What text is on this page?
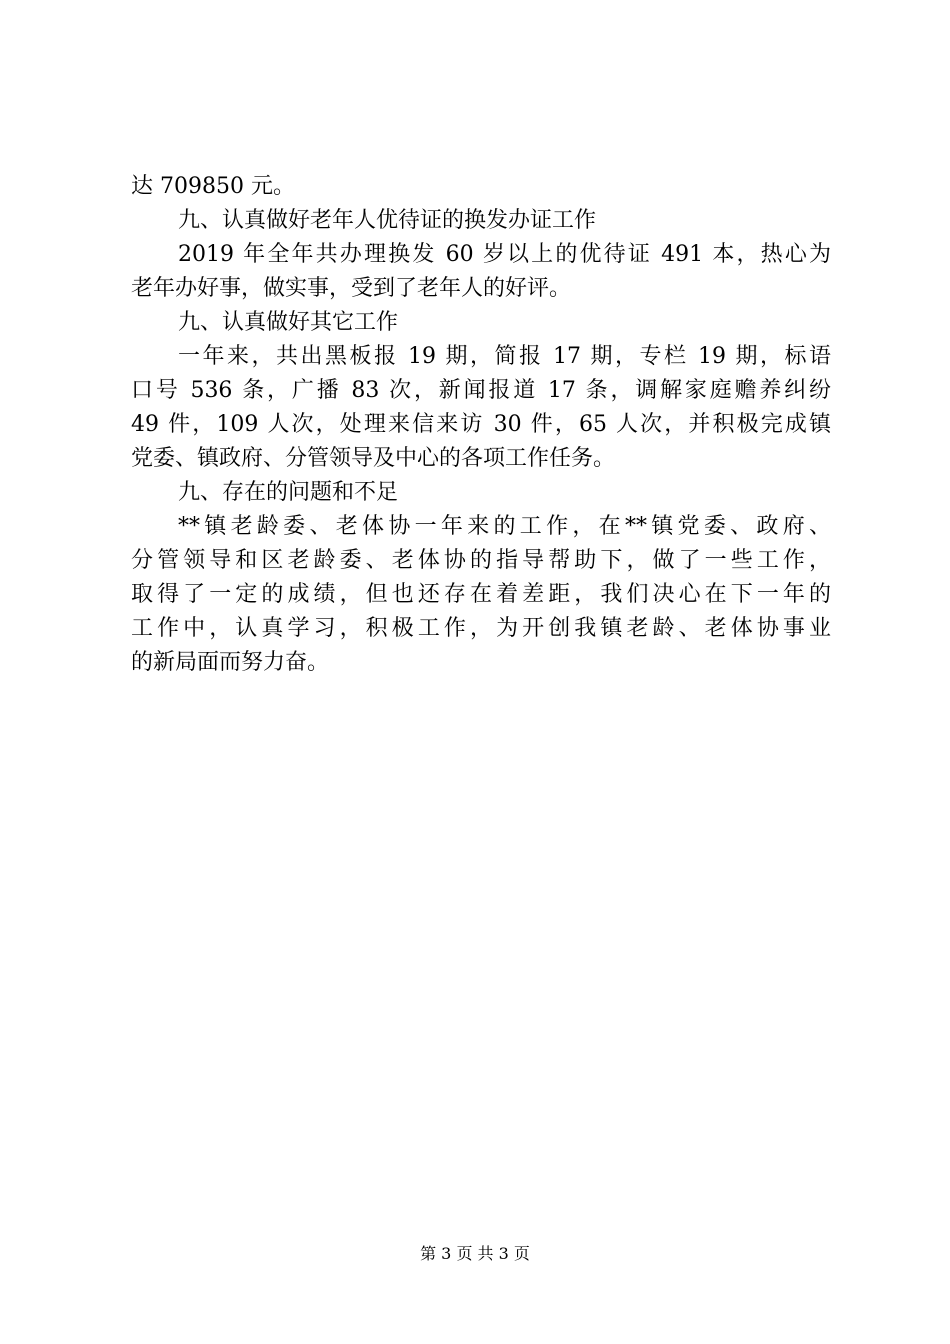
达 709850 元。
九、认真做好老年人优待证的换发办证工作
2019 年全年共办理换发 60 岁以上的优待证 491 本，热心为
老年办好事，做实事，受到了老年人的好评。
九、认真做好其它工作
一年来，共出黑板报 19 期，简报 17 期，专栏 19 期，标语
口号 536 条，广播 83 次，新闻报道 17 条，调解家庭赡养纠纷
49 件，109 人次，处理来信来访 30 件，65 人次，并积极完成镇
党委、镇政府、分管领导及中心的各项工作任务。
九、存在的问题和不足
**镇老龄委、老体协一年来的工作，在**镇党委、政府、
分管领导和区老龄委、老体协的指导帮助下，做了一些工作，
取得了一定的成绩，但也还存在着差距，我们决心在下一年的
工作中，认真学习，积极工作，为开创我镇老龄、老体协事业
的新局面而努力奋。
第 3 页 共 3 页
